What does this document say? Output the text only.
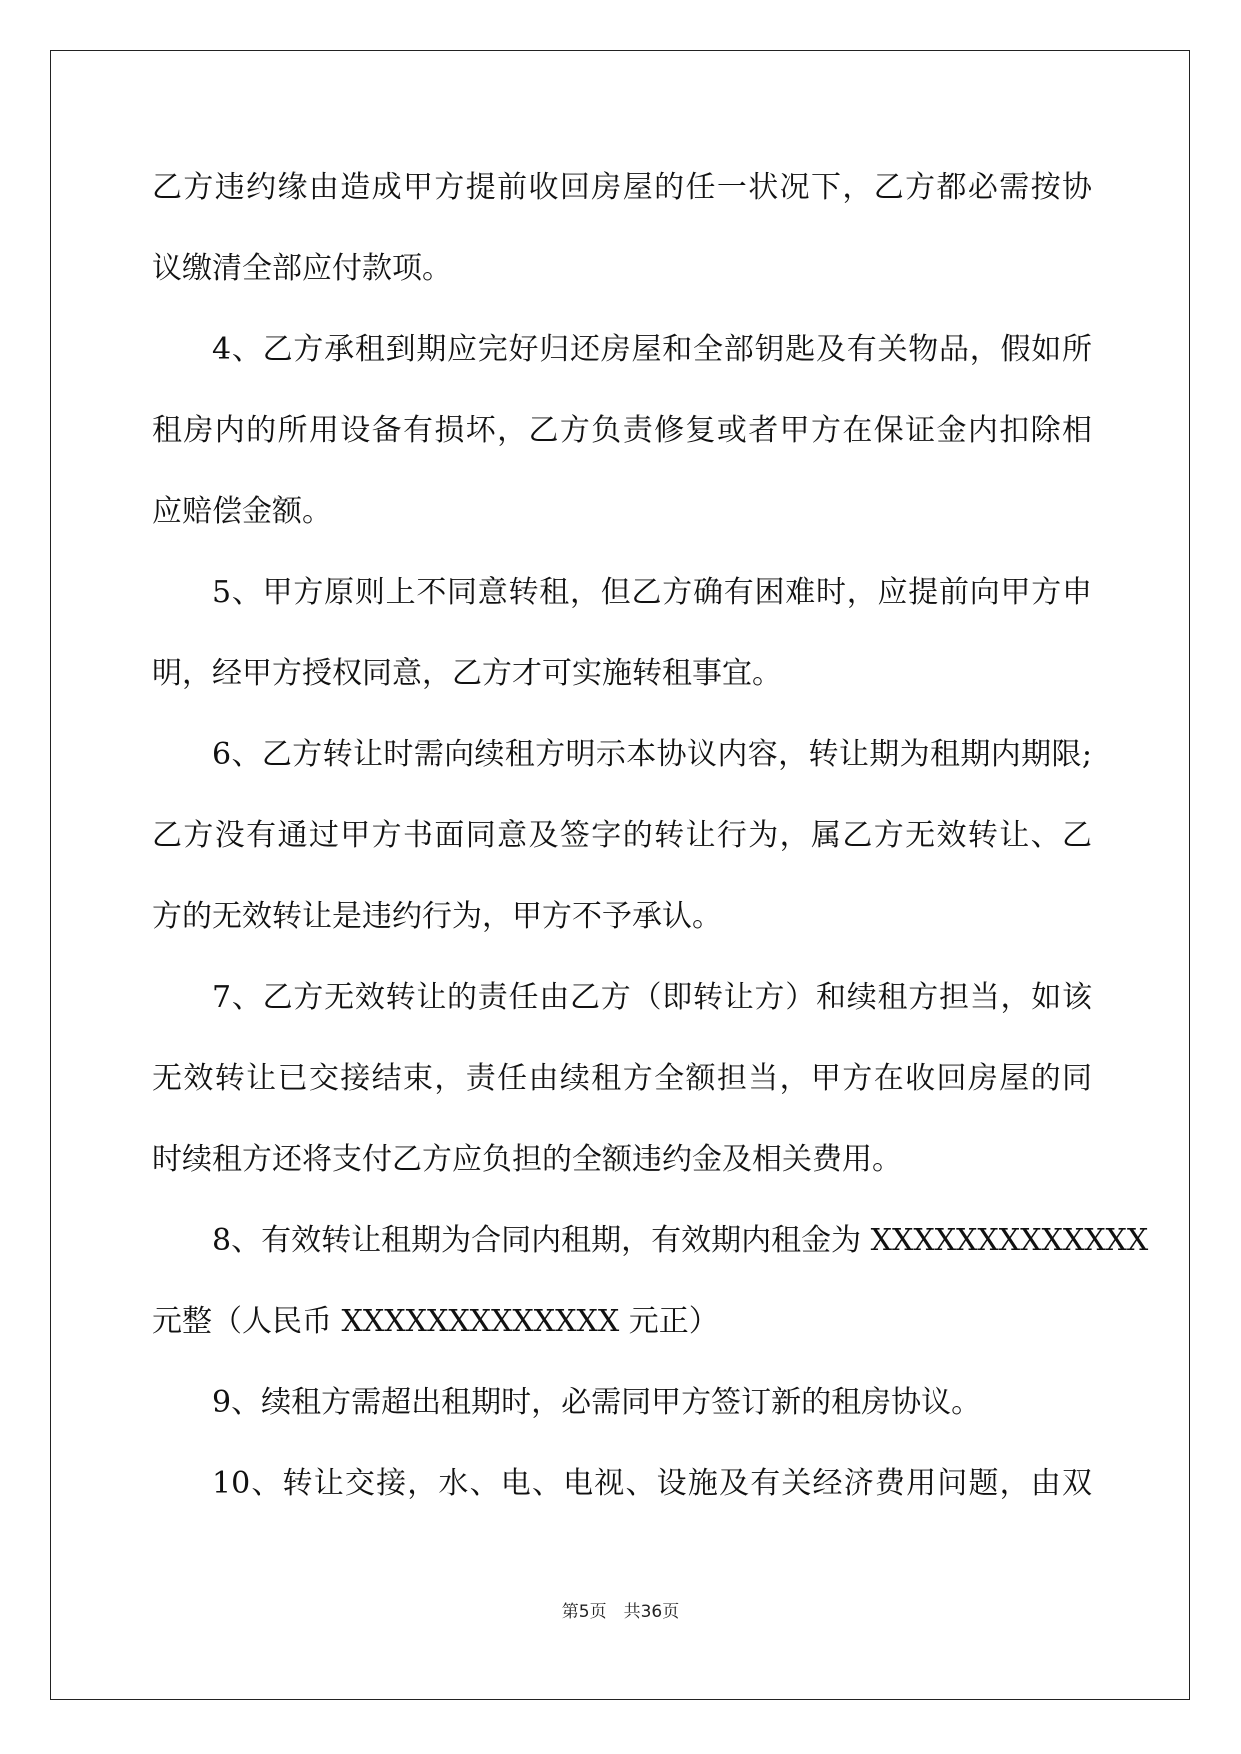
乙方违约缘由造成甲方提前收回房屋的任一状况下，乙方都必需按协
议缴清全部应付款项。
4、乙方承租到期应完好归还房屋和全部钥匙及有关物品，假如所
租房内的所用设备有损坏，乙方负责修复或者甲方在保证金内扣除相
应赔偿金额。
5、甲方原则上不同意转租，但乙方确有困难时，应提前向甲方申
明，经甲方授权同意，乙方才可实施转租事宜。
6、乙方转让时需向续租方明示本协议内容，转让期为租期内期限;
乙方没有通过甲方书面同意及签字的转让行为，属乙方无效转让、乙
方的无效转让是违约行为，甲方不予承认。
7、乙方无效转让的责任由乙方（即转让方）和续租方担当，如该
无效转让已交接结束，责任由续租方全额担当，甲方在收回房屋的同
时续租方还将支付乙方应负担的全额违约金及相关费用。
8、有效转让租期为合同内租期，有效期内租金为 XXXXXXXXXXXXX
元整（人民币 XXXXXXXXXXXXX 元正）
9、续租方需超出租期时，必需同甲方签订新的租房协议。
10、转让交接，水、电、电视、设施及有关经济费用问题，由双
第5页　共36页
